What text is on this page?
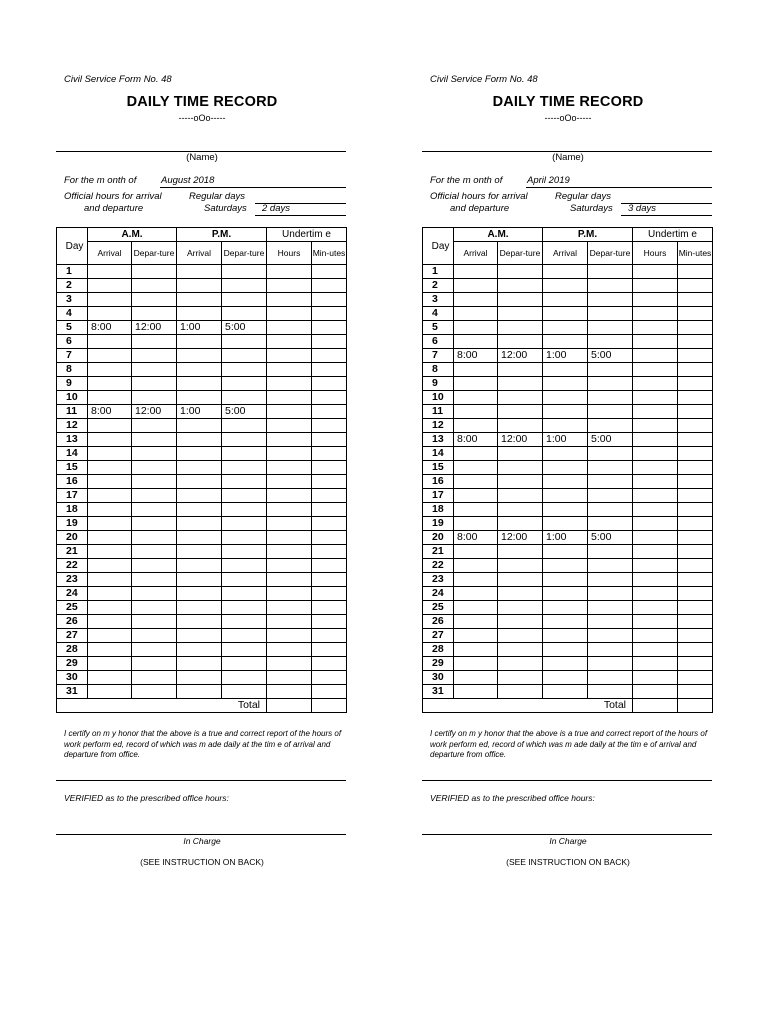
Civil Service Form No. 48
DAILY TIME RECORD
-----oOo-----
(Name)
For the m onth of	August 2018
Official hours for arrival
and departure
Regular days
Saturdays	2 days
Day	A.M.		P.M.		Undertim e	
	Arrival	Depar-ture	Arrival	Depar-ture	Hours	Min-utes
1						
2						
3						
4						
5	8:00	12:00	1:00	5:00		
6						
7						
8						
9						
10						
11	8:00	12:00	1:00	5:00		
12						
13						
14						
15						
16						
17						
18						
19						
20						
21						
22						
23						
24						
25						
26						
27						
28						
29						
30						
31						
Total						
I certify on m y honor that the above is a true and correct report of the hours of work perform ed, record of which was m ade daily at the tim e of arrival and departure from office.
VERIFIED as to the prescribed office hours:
In Charge
(SEE INSTRUCTION ON BACK)
Civil Service Form No. 48
DAILY TIME RECORD
-----oOo-----
(Name)
For the m onth of	April 2019
Official hours for arrival
and departure
Regular days
Saturdays	3 days
Day	A.M.		P.M.		Undertim e	
	Arrival	Depar-ture	Arrival	Depar-ture	Hours	Min-utes
1						
2						
3						
4						
5						
6						
7	8:00	12:00	1:00	5:00		
8						
9						
10						
11						
12						
13	8:00	12:00	1:00	5:00		
14						
15						
16						
17						
18						
19						
20	8:00	12:00	1:00	5:00		
21						
22						
23						
24						
25						
26						
27						
28						
29						
30						
31						
Total						
I certify on m y honor that the above is a true and correct report of the hours of work perform ed, record of which was m ade daily at the tim e of arrival and departure from office.
VERIFIED as to the prescribed office hours:
In Charge
(SEE INSTRUCTION ON BACK)
